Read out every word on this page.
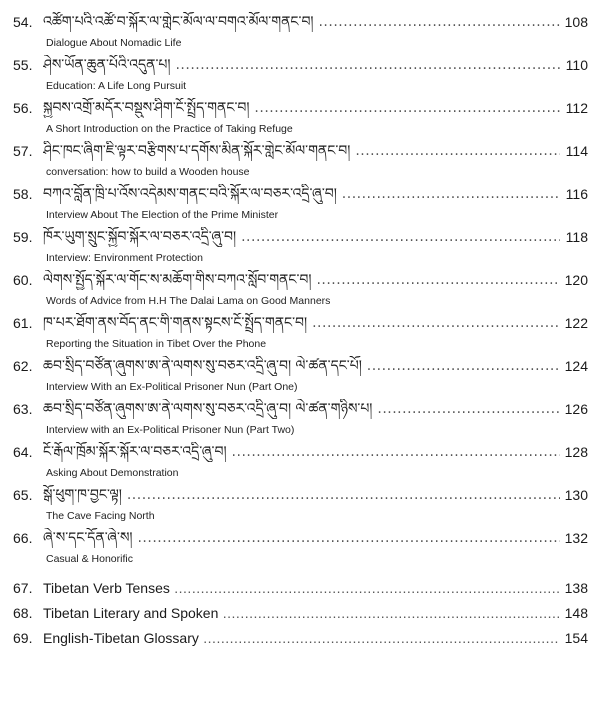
54. འཚོག་པའི་འཚོ་བ་སྐོར་ལ་གླེང་མོལ་ལ་བགའ་མོལ་གནང་བ། .....	108
Dialogue About Nomadic Life
55. ཤེས་ཡོན་ཆུན་པོའི་འདུན་པ། .....	110
Education: A Life Long Pursuit
56. སྐྱབས་འགྲོ་མདོར་བསྡུས་ཤིག་ངོ་སྤྲོད་གནང་བ། .....	112
A Short Introduction on the Practice of Taking Refuge
57. ཤིང་ཁང་ཞིག་ཇི་ལྟར་བརྩིགས་པ་དགོས་མིན་སྐོར་གླེང་མོལ་གནང་བ། .....	114
conversation: how to build a Wooden house
58. བཀའ་བློན་ཁྲི་པ་འོས་འདེམས་གནང་བའི་སྐོར་ལ་བཅར་འདྲི་ཞུ་བ། .....	116
Interview About The Election of the Prime Minister
59. ཁོར་ཡུག་སྲུང་སྐྱོབ་སྐོར་ལ་བཅར་འདྲི་ཞུ་བ། .....	118
Interview: Environment Protection
60. ལེགས་སྤྱོད་སྐོར་ལ་གོང་ས་མཆོག་གིས་བཀའ་སློབ་གནང་བ། .....	120
Words of Advice from H.H The Dalai Lama on Good Manners
61. ཁ་པར་ཐོག་ནས་བོད་ནང་གི་གནས་སྟངས་ངོ་སྤྲོད་གནང་བ། .....	122
Reporting the Situation in Tibet Over the Phone
62. ཆབ་སྲིད་བཙོན་ཞུགས་ཨ་ནེ་ལགས་སུ་བཅར་འདྲི་ཞུ་བ། ལེ་ཚན་དང་པོ། .....	124
Interview With an Ex-Political Prisoner Nun (Part One)
63. ཆབ་སྲིད་བཙོན་ཞུགས་ཨ་ནེ་ལགས་སུ་བཅར་འདྲི་ཞུ་བ། ལེ་ཚན་གཉིས་པ། .....	126
Interview with an Ex-Political Prisoner Nun (Part Two)
64. ངོ་རྒོལ་ཁྲོམ་སྐོར་སྐོར་ལ་བཅར་འདྲི་ཞུ་བ། .....	128
Asking About Demonstration
65. སྒོ་ཕུག་ཁ་བྱང་ལྟ། .....	130
The Cave Facing North
66. ཞེ་ས་དང་དོན་ཞེ་ས། .....	132
Casual & Honorific
67. Tibetan Verb Tenses .....	138
68. Tibetan Literary and Spoken .....	148
69. English-Tibetan Glossary .....	154
